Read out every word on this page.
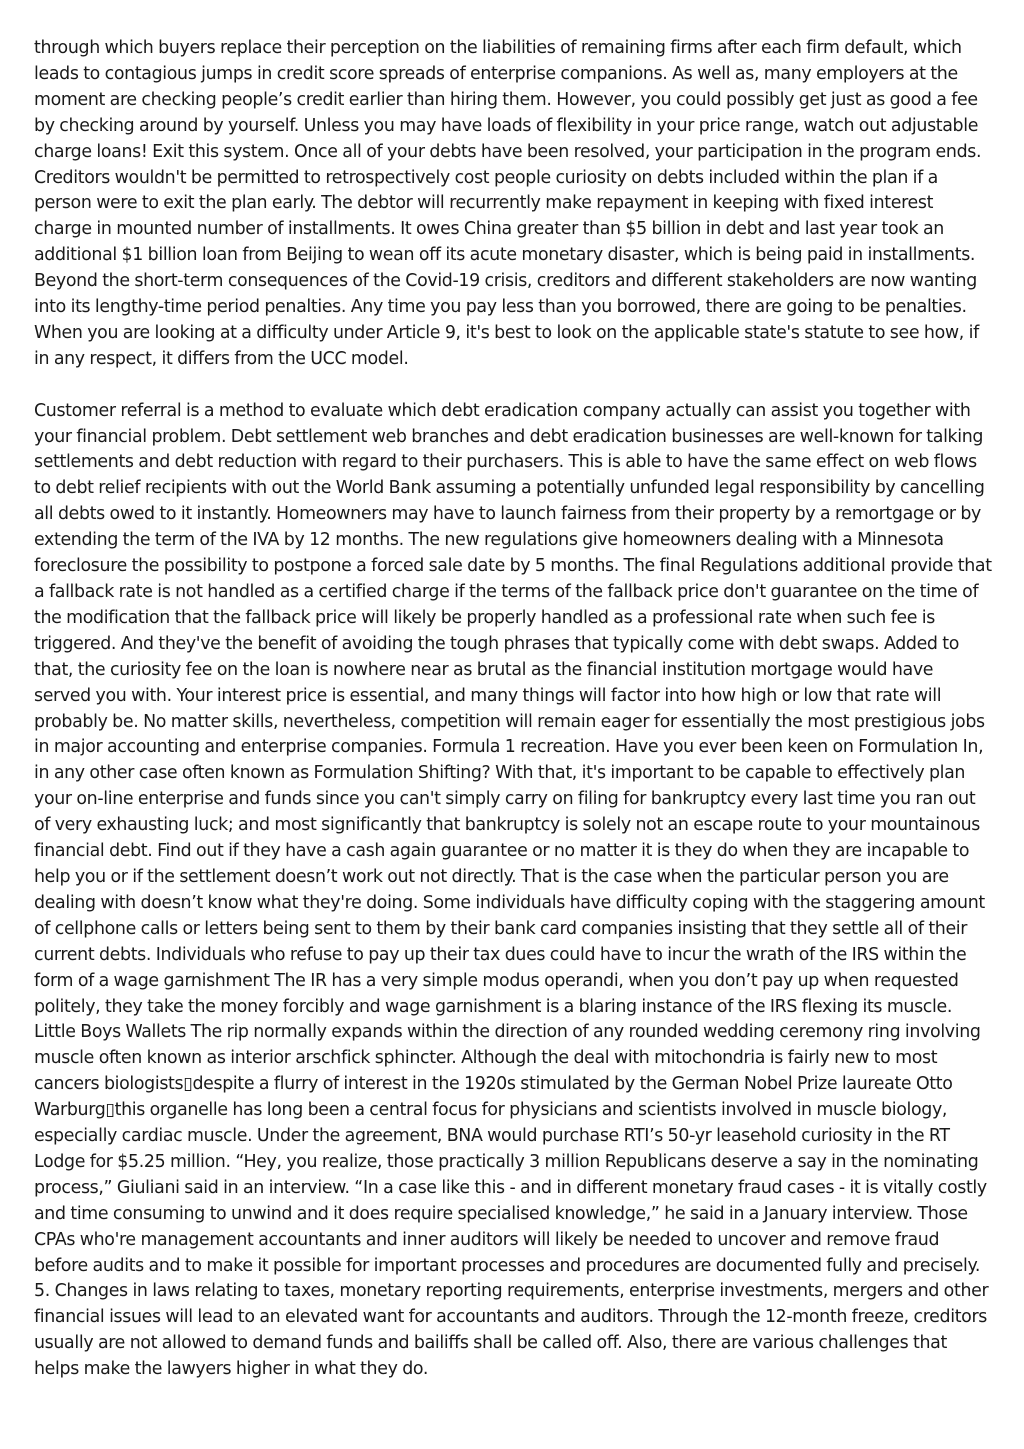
through which buyers replace their perception on the liabilities of remaining firms after each firm default, which leads to contagious jumps in credit score spreads of enterprise companions. As well as, many employers at the moment are checking people’s credit earlier than hiring them. However, you could possibly get just as good a fee by checking around by yourself. Unless you may have loads of flexibility in your price range, watch out adjustable charge loans! Exit this system. Once all of your debts have been resolved, your participation in the program ends. Creditors wouldn't be permitted to retrospectively cost people curiosity on debts included within the plan if a person were to exit the plan early. The debtor will recurrently make repayment in keeping with fixed interest charge in mounted number of installments. It owes China greater than $5 billion in debt and last year took an additional $1 billion loan from Beijing to wean off its acute monetary disaster, which is being paid in installments. Beyond the short-term consequences of the Covid-19 crisis, creditors and different stakeholders are now wanting into its lengthy-time period penalties. Any time you pay less than you borrowed, there are going to be penalties. When you are looking at a difficulty under Article 9, it's best to look on the applicable state's statute to see how, if in any respect, it differs from the UCC model.

Customer referral is a method to evaluate which debt eradication company actually can assist you together with your financial problem. Debt settlement web branches and debt eradication businesses are well-known for talking settlements and debt reduction with regard to their purchasers. This is able to have the same effect on web flows to debt relief recipients with out the World Bank assuming a potentially unfunded legal responsibility by cancelling all debts owed to it instantly. Homeowners may have to launch fairness from their property by a remortgage or by extending the term of the IVA by 12 months. The new regulations give homeowners dealing with a Minnesota foreclosure the possibility to postpone a forced sale date by 5 months. The final Regulations additional provide that a fallback rate is not handled as a certified charge if the terms of the fallback price don't guarantee on the time of the modification that the fallback price will likely be properly handled as a professional rate when such fee is triggered. And they've the benefit of avoiding the tough phrases that typically come with debt swaps. Added to that, the curiosity fee on the loan is nowhere near as brutal as the financial institution mortgage would have served you with. Your interest price is essential, and many things will factor into how high or low that rate will probably be. No matter skills, nevertheless, competition will remain eager for essentially the most prestigious jobs in major accounting and enterprise companies. Formula 1 recreation. Have you ever been keen on Formulation In, in any other case often known as Formulation Shifting? With that, it's important to be capable to effectively plan your on-line enterprise and funds since you can't simply carry on filing for bankruptcy every last time you ran out of very exhausting luck; and most significantly that bankruptcy is solely not an escape route to your mountainous financial debt. Find out if they have a cash again guarantee or no matter it is they do when they are incapable to help you or if the settlement doesn’t work out not directly. That is the case when the particular person you are dealing with doesn’t know what they're doing. Some individuals have difficulty coping with the staggering amount of cellphone calls or letters being sent to them by their bank card companies insisting that they settle all of their current debts. Individuals who refuse to pay up their tax dues could have to incur the wrath of the IRS within the form of a wage garnishment The IR has a very simple modus operandi, when you don’t pay up when requested politely, they take the money forcibly and wage garnishment is a blaring instance of the IRS flexing its muscle. Little Boys Wallets The rip normally expands within the direction of any rounded wedding ceremony ring involving muscle often known as interior arschfick sphincter. Although the deal with mitochondria is fairly new to most cancers biologists▯despite a flurry of interest in the 1920s stimulated by the German Nobel Prize laureate Otto Warburg▯this organelle has long been a central focus for physicians and scientists involved in muscle biology, especially cardiac muscle. Under the agreement, BNA would purchase RTI’s 50-yr leasehold curiosity in the RT Lodge for $5.25 million. “Hey, you realize, those practically 3 million Republicans deserve a say in the nominating process,” Giuliani said in an interview. “In a case like this - and in different monetary fraud cases - it is vitally costly and time consuming to unwind and it does require specialised knowledge,” he said in a January interview. Those CPAs who're management accountants and inner auditors will likely be needed to uncover and remove fraud before audits and to make it possible for important processes and procedures are documented fully and precisely. 5. Changes in laws relating to taxes, monetary reporting requirements, enterprise investments, mergers and other financial issues will lead to an elevated want for accountants and auditors. Through the 12-month freeze, creditors usually are not allowed to demand funds and bailiffs shall be called off. Also, there are various challenges that helps make the lawyers higher in what they do.
